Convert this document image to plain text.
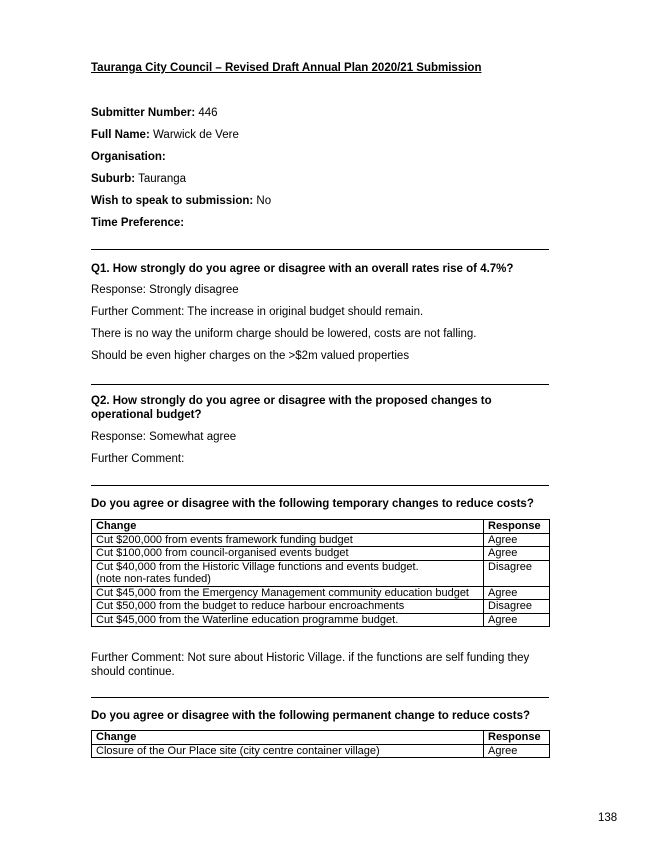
Tauranga City Council – Revised Draft Annual Plan 2020/21 Submission
Submitter Number: 446
Full Name: Warwick de Vere
Organisation:
Suburb: Tauranga
Wish to speak to submission: No
Time Preference:
Q1. How strongly do you agree or disagree with an overall rates rise of 4.7%?
Response: Strongly disagree
Further Comment: The increase in original budget should remain.
There is no way the uniform charge should be lowered, costs are not falling.
Should be even higher charges on the >$2m valued properties
Q2. How strongly do you agree or disagree with the proposed changes to operational budget?
Response: Somewhat agree
Further Comment:
Do you agree or disagree with the following temporary changes to reduce costs?
Change	Response
Cut $200,000 from events framework funding budget	Agree
Cut $100,000 from council-organised events budget	Agree

Cut $40,000 from the Historic Village functions and events budget.
(note non-rates funded)	Disagree
Cut $45,000 from the Emergency Management community education budget	Agree
Cut $50,000 from the budget to reduce harbour encroachments	Disagree
Cut $45,000 from the Waterline education programme budget.	Agree
Further Comment: Not sure about Historic Village. if the functions are self funding they should continue.
Do you agree or disagree with the following permanent change to reduce costs?
Change	Response
Closure of the Our Place site (city centre container village)	Agree
138
